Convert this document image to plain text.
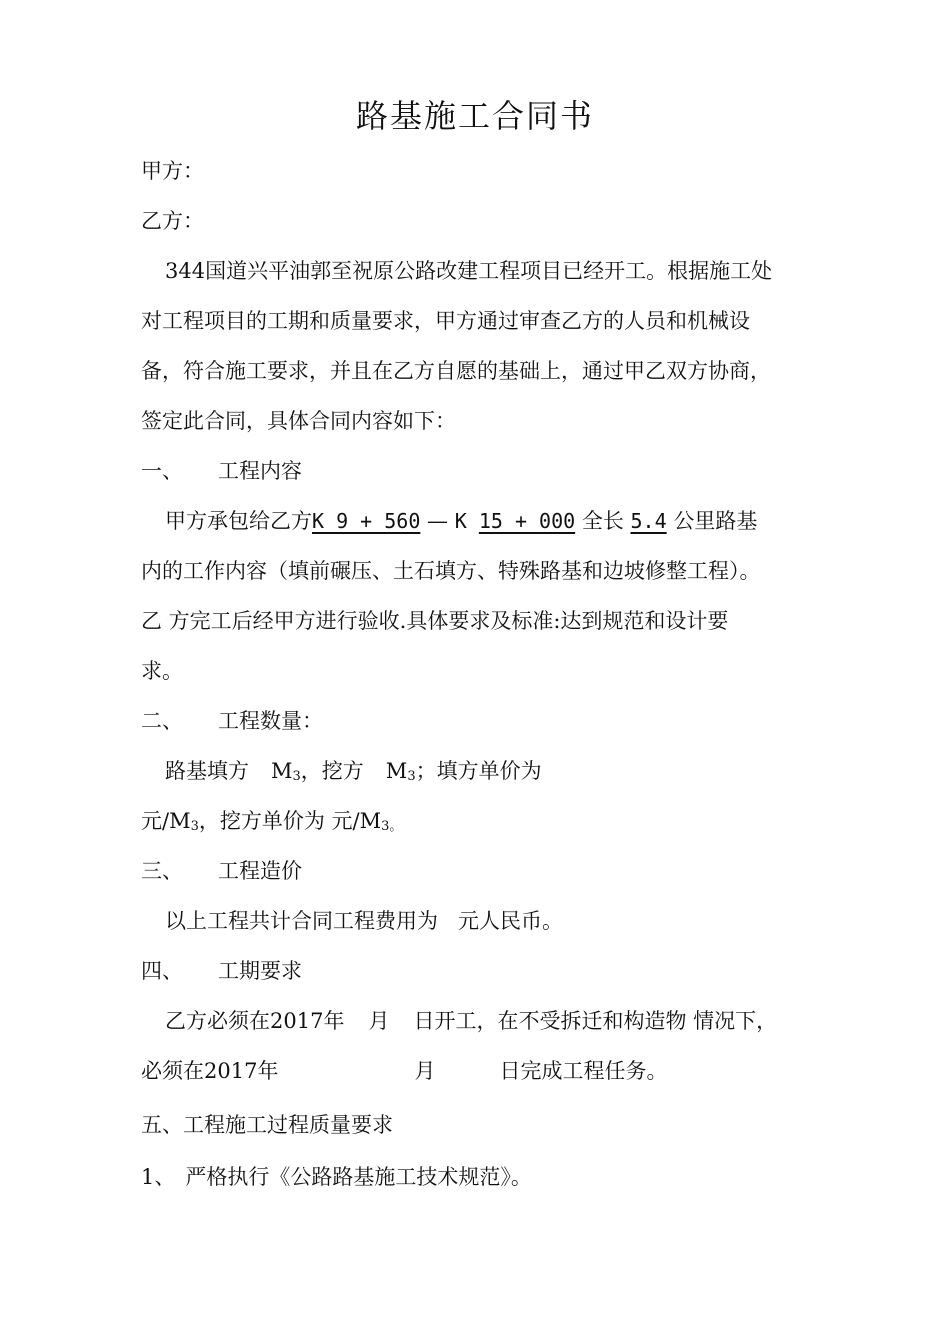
路基施工合同书
甲方：
乙方：
344国道兴平油郭至祝原公路改建工程项目已经开工。根据施工处
对工程项目的工期和质量要求，甲方通过审查乙方的人员和机械设
备，符合施工要求，并且在乙方自愿的基础上，通过甲乙双方协商，
签定此合同，具体合同内容如下：
一、 工程内容
甲方承包给乙方K 9 + 560 — K 15 + 000 全长 5.4 公里路基
内的工作内容（填前碾压、土石填方、特殊路基和边坡修整工程）。
乙 方完工后经甲方进行验收.具体要求及标准:达到规范和设计要
求。
二、 工程数量：
路基填方 M3，挖方 M3；填方单价为
元/M3，挖方单价为 元/M3。
三、 工程造价
以上工程共计合同工程费用为 元人民币。
四、 工期要求
乙方必须在2017年 月 日开工，在不受拆迁和构造物 情况下，
必须在2017年	月	日完成工程任务。
五、工程施工过程质量要求
1、 严格执行《公路路基施工技术规范》。
